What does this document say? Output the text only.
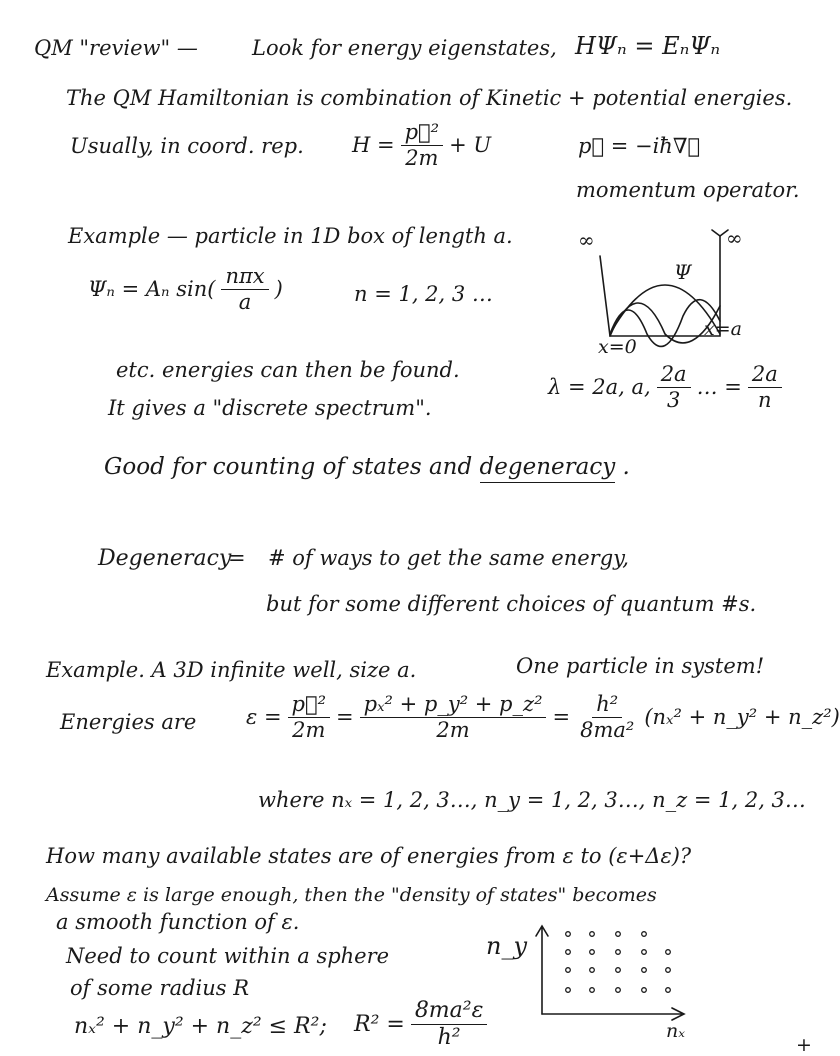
QM "review" —	Look for energy eigenstates, HΨₙ = EₙΨₙ
The QM Hamiltonian is combination of Kinetic + potential energies.
Usually, in coord. rep. $H = \frac{\text{p⃗²}}{2m} + U$	p⃗ = −iħ∇⃗
momentum operator.
Example — particle in 1D box of length a.
Ψₙ = Aₙ $\sin( \frac{\text{nπx}}{a}$ )	n = 1, 2, 3 …
∞	∞
Ψ
x=0
x=a
etc. energies can then be found.
It gives a "discrete spectrum".
λ = 2a, a, $\frac{2a}{3}$ … = $\frac{2a}{n}$
Good for counting of states and degeneracy .
Degeneracy
= # of ways to get the same energy,
but for some different choices of quantum #s.
Example. A 3D infinite well, size a.	One particle in system!
Energies are $\varepsilon = \frac{\text{p⃗²}}{2m} = \frac{\text{pₓ² + p\_y² + p\_z²}}{2m} = \frac{\text{h²}}{\text{8ma²}} (n_x^2$ + n_y² + n_z²)
where nₓ = 1, 2, 3…, n_y = 1, 2, 3…, n_z = 1, 2, 3…
How many available states are of energies from ε to (ε+Δε)?
Assume ε is large enough, then the "density of states" becomes
a smooth function of ε.
Need to count within a sphere
of some radius R
nₓ² + n_y² + n_z² ≤ R²; $R^2 = \frac{\text{8ma²ε}}{\text{h²}}$
n_y
nₓ
+
